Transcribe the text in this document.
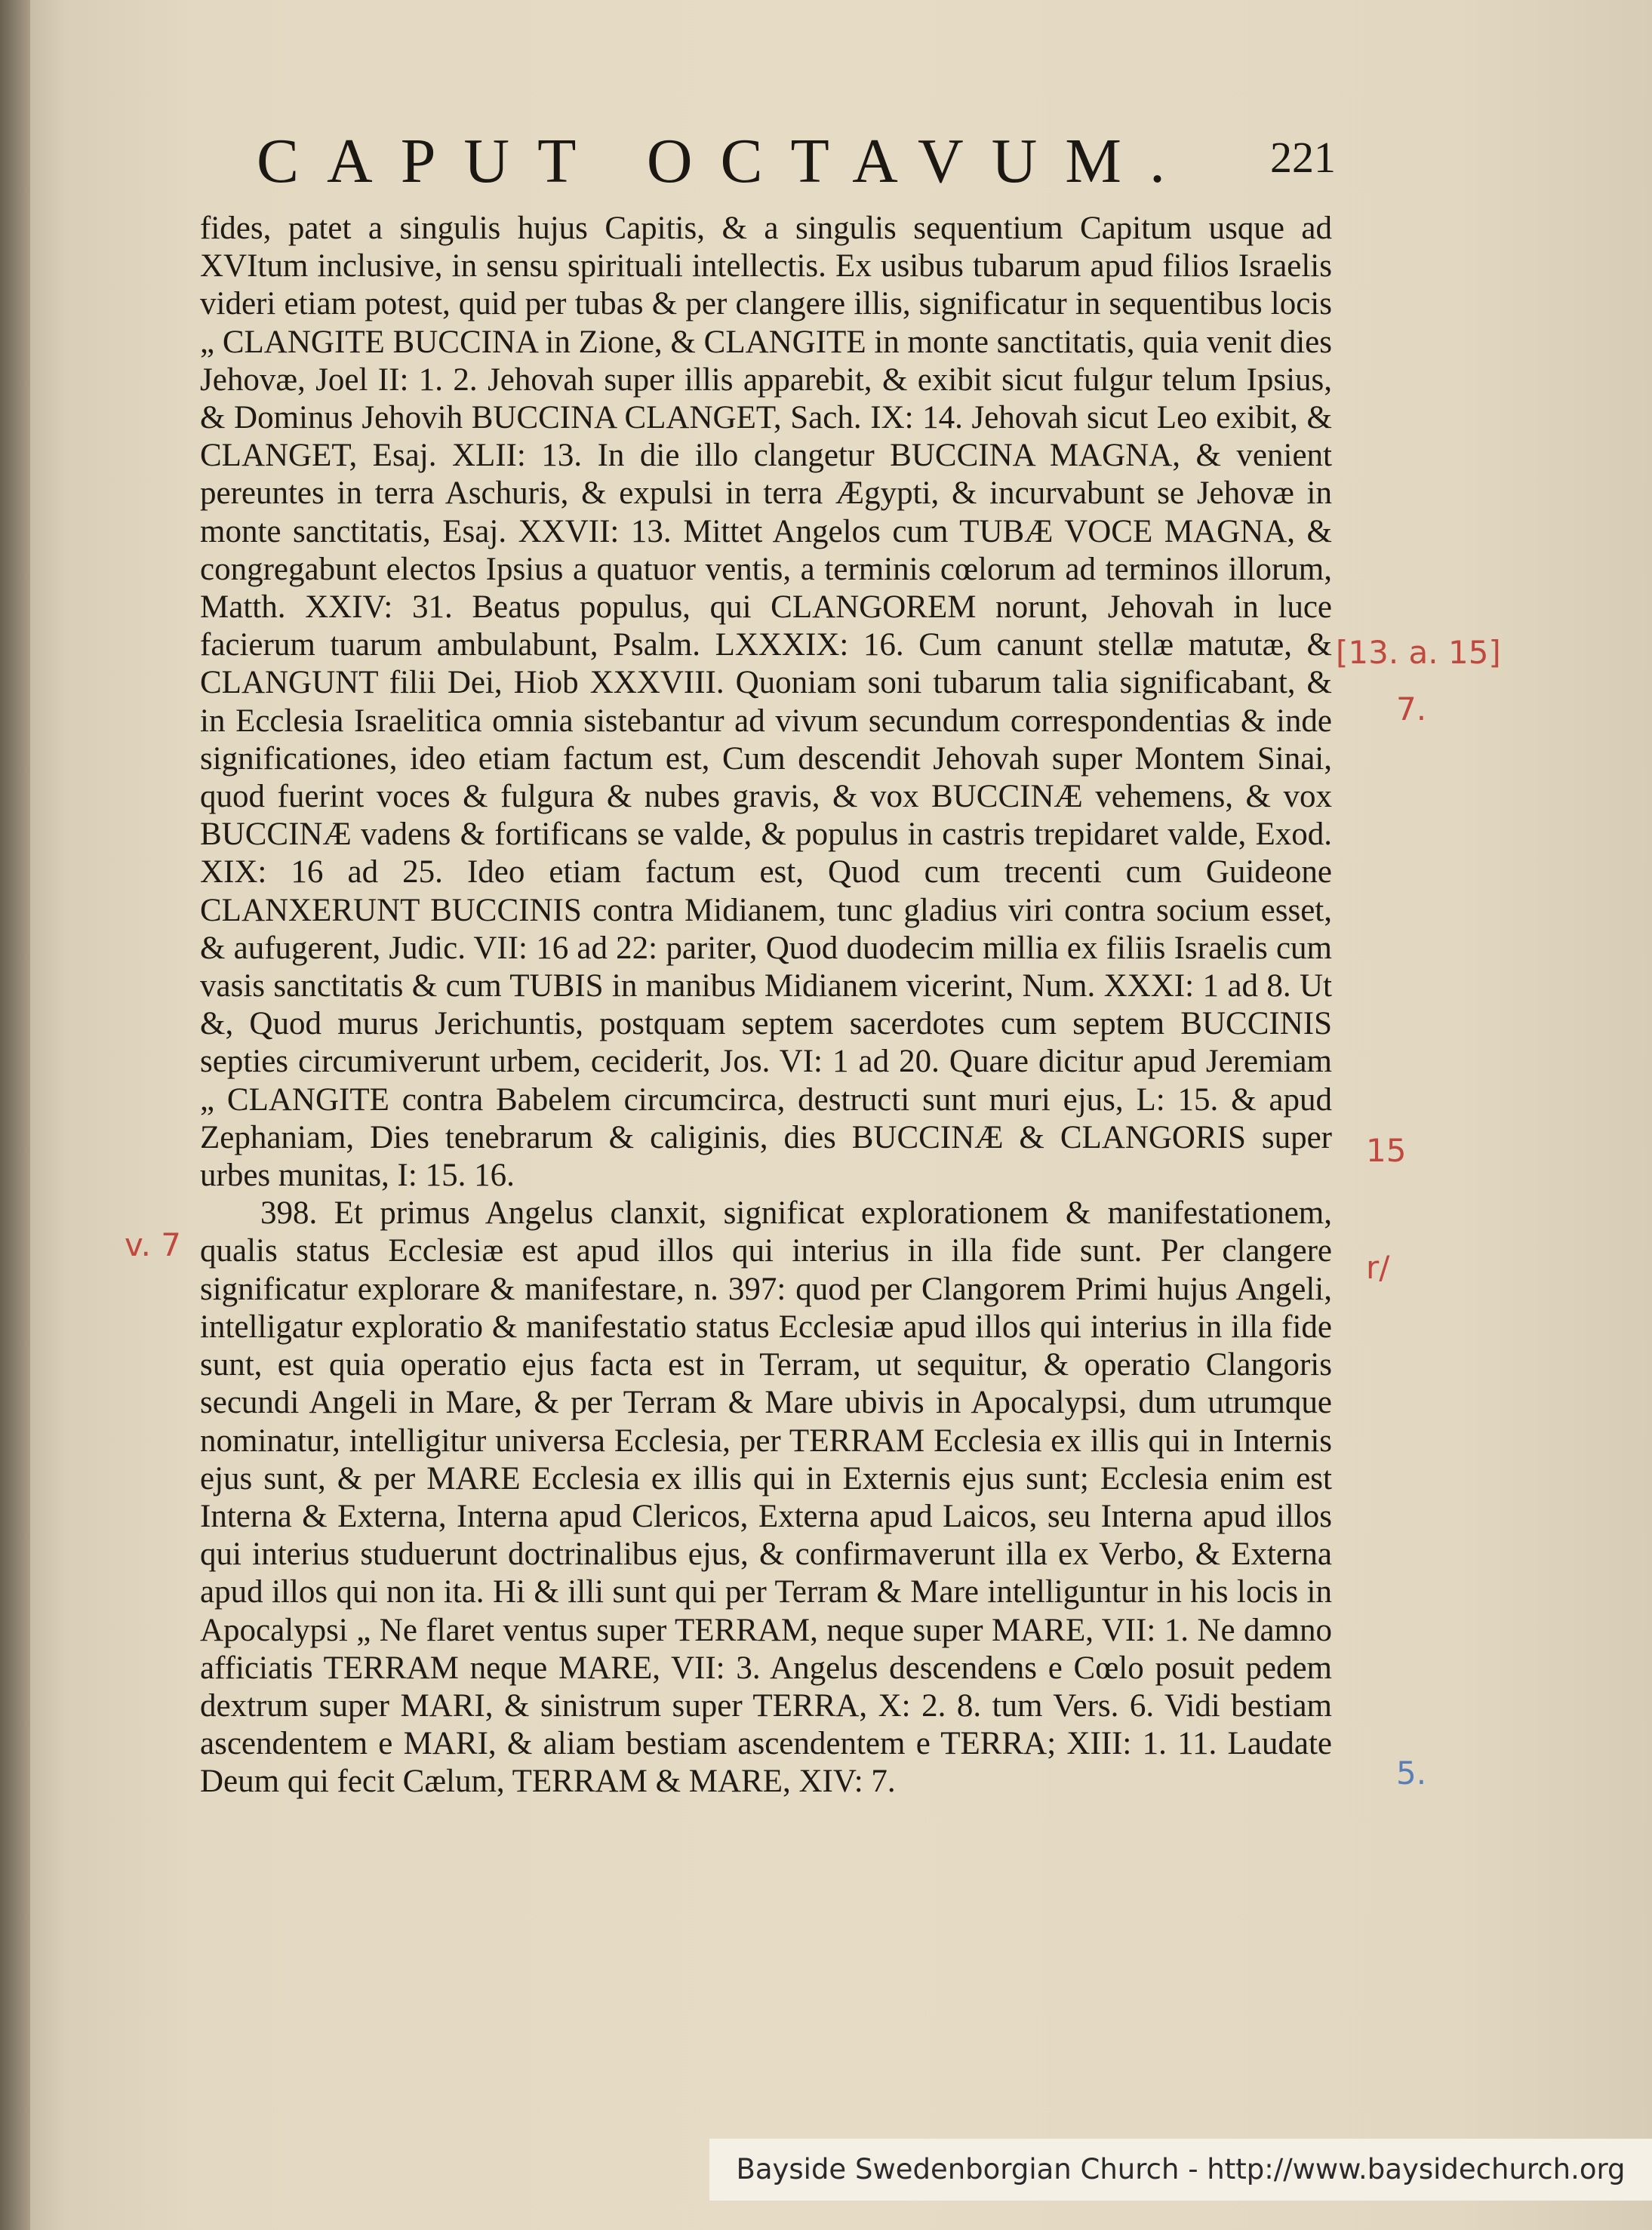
CAPUT OCTAVUM. 221

fides, patet a singulis hujus Capitis, & a singulis sequentium Capitum usque ad XVItum inclusive, in sensu spirituali intellectis. Ex usibus tubarum apud filios Israelis videri etiam potest, quid per tubas & per clangere illis, significatur in sequentibus locis „ CLANGITE BUCCINA in Zione, & CLANGITE in monte sanctitatis, quia venit dies Jehovæ, Joel II: 1. 2. Jehovah super illis apparebit, & exibit sicut fulgur telum Ipsius, & Dominus Jehovih BUCCINA CLANGET, Sach. IX: 14. Jehovah sicut Leo exibit, & CLANGET, Esaj. XLII: 13. In die illo clangetur BUCCINA MAGNA, & venient pereuntes in terra Aschuris, & expulsi in terra Ægypti, & incurvabunt se Jehovæ in monte sanctitatis, Esaj. XXVII: 13. Mittet Angelos cum TUBÆ VOCE MAGNA, & congregabunt electos Ipsius a quatuor ventis, a terminis cœlorum ad terminos illorum, Matth. XXIV: 31. Beatus populus, qui CLANGOREM norunt, Jehovah in luce facierum tuarum ambulabunt, Psalm. LXXXIX: 16. Cum canunt stellæ matutæ, & CLANGUNT filii Dei, Hiob XXXVIII. Quoniam soni tubarum talia significabant, & in Ecclesia Israelitica omnia sistebantur ad vivum secundum correspondentias & inde significationes, ideo etiam factum est, Cum descendit Jehovah super Montem Sinai, quod fuerint voces & fulgura & nubes gravis, & vox BUCCINÆ vehemens, & vox BUCCINÆ vadens & fortificans se valde, & populus in castris trepidaret valde, Exod. XIX: 16 ad 25. Ideo etiam factum est, Quod cum trecenti cum Guideone CLANXERUNT BUCCINIS contra Midianem, tunc gladius viri contra socium esset, & aufugerent, Judic. VII: 16 ad 22: pariter, Quod duodecim millia ex filiis Israelis cum vasis sanctitatis & cum TUBIS in manibus Midianem vicerint, Num. XXXI: 1 ad 8. Ut &, Quod murus Jerichuntis, postquam septem sacerdotes cum septem BUCCINIS septies circumiverunt urbem, ceciderit, Jos. VI: 1 ad 20. Quare dicitur apud Jeremiam „ CLANGITE contra Babelem circumcirca, destructi sunt muri ejus, L: 15. & apud Zephaniam, Dies tenebrarum & caliginis, dies BUCCINÆ & CLANGORIS super urbes munitas, I: 15. 16.

398. Et primus Angelus clanxit, significat explorationem & manifestationem, qualis status Ecclesiæ est apud illos qui interius in illa fide sunt. Per clangere significatur explorare & manifestare, n. 397: quod per Clangorem Primi hujus Angeli, intelligatur exploratio & manifestatio status Ecclesiæ apud illos qui interius in illa fide sunt, est quia operatio ejus facta est in Terram, ut sequitur, & operatio Clangoris secundi Angeli in Mare, & per Terram & Mare ubivis in Apocalypsi, dum utrumque nominatur, intelligitur universa Ecclesia, per TERRAM Ecclesia ex illis qui in Internis ejus sunt, & per MARE Ecclesia ex illis qui in Externis ejus sunt; Ecclesia enim est Interna & Externa, Interna apud Clericos, Externa apud Laicos, seu Interna apud illos qui interius studuerunt doctrinalibus ejus, & confirmaverunt illa ex Verbo, & Externa apud illos qui non ita. Hi & illi sunt qui per Terram & Mare intelliguntur in his locis in Apocalypsi „ Ne flaret ventus super TERRAM, neque super MARE, VII: 1. Ne damno afficiatis TERRAM neque MARE, VII: 3. Angelus descendens e Cœlo posuit pedem dextrum super MARI, & sinistrum super TERRA, X: 2. 8. tum Vers. 6. Vidi bestiam ascendentem e MARI, & aliam bestiam ascendentem e TERRA; XIII: 1. 11. Laudate Deum qui fecit Cælum, TERRAM & MARE, XIV: 7.

[13. a. 15]
7.
15
v. 7
r/
5.
Bayside Swedenborgian Church - http://www.baysidechurch.org
